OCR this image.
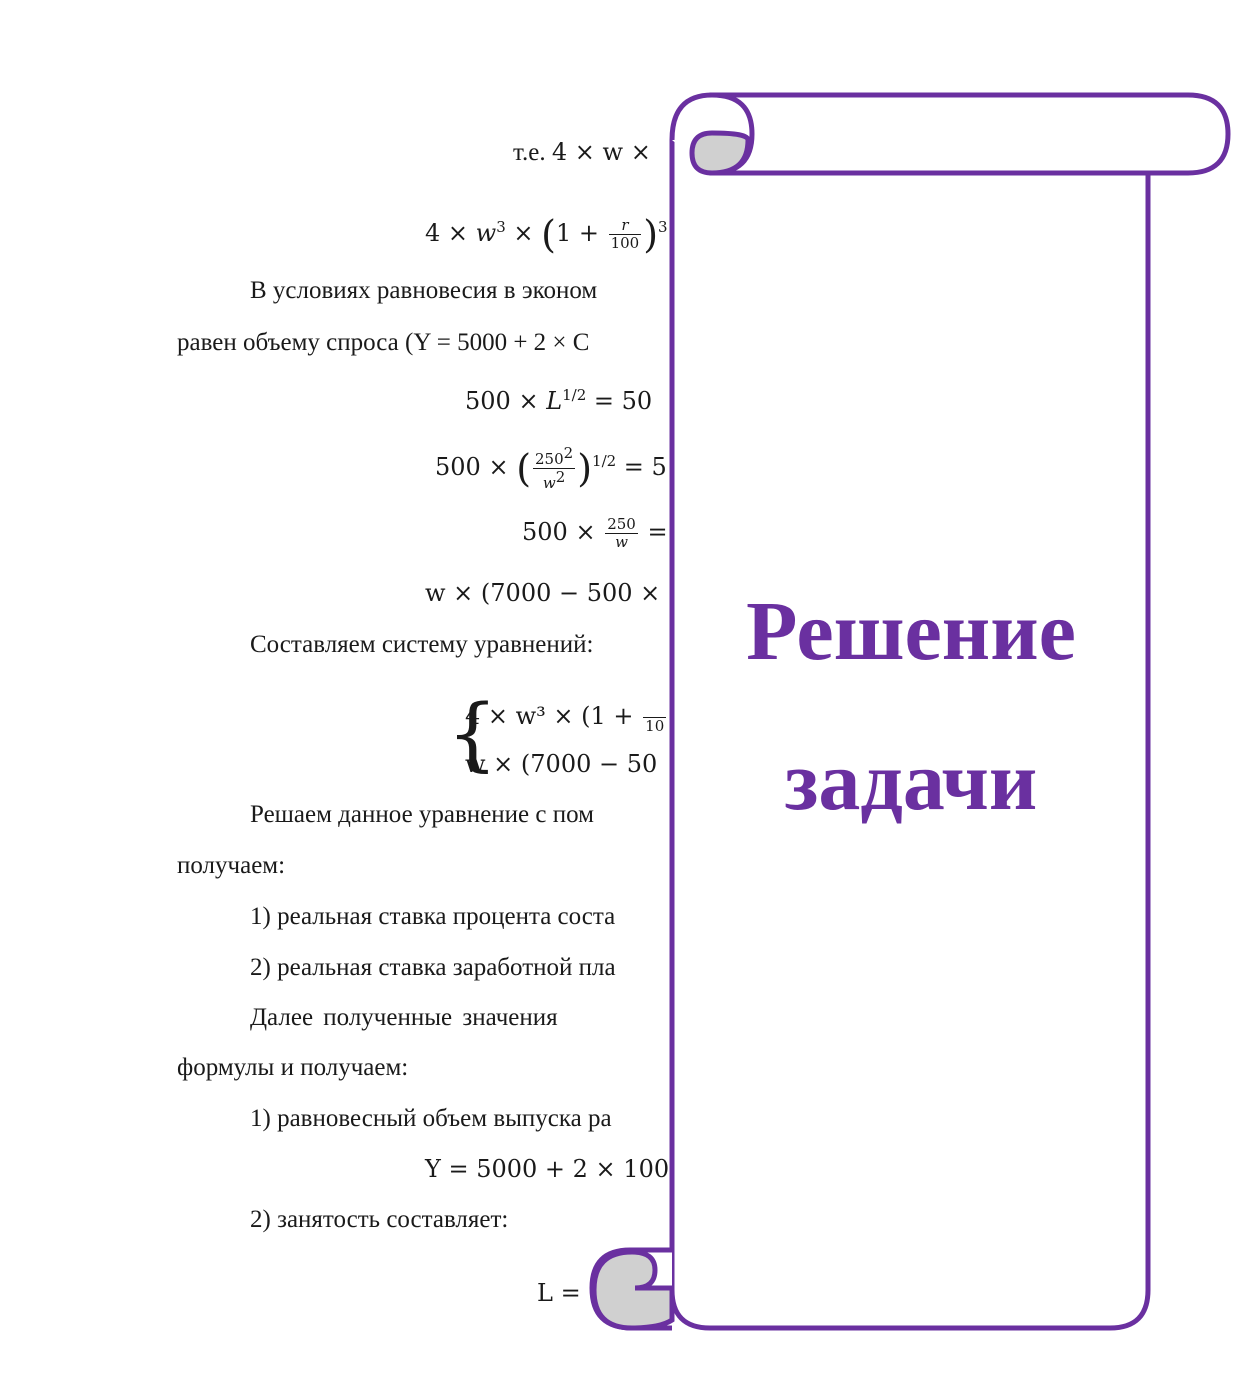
т.е. 4 × w ×
$4 \times w^3 \times (1 + \frac{r}{100} )^3$
В условиях равновесия в эконом
равен объему спроса (Y = 5000 + 2 × C
$500 \times L^{1/2} = 50$
500 × ( $\frac{250^2}{w^2} )^{1/2} = 5$
$500 \times \frac{250}{w}$ =
w × (7000 − 500 ×
Составляем систему уравнений:
{
4 × w³ × (1 +
10
w × (7000 − 50
Решаем данное уравнение с пом
получаем:
1) реальная ставка процента соста
2) реальная ставка заработной пла
Далее полученные значения
формулы и получаем:
1) равновесный объем выпуска ра
Y = 5000 + 2 × 100
2) занятость составляет:
L =
Решение
задачи
